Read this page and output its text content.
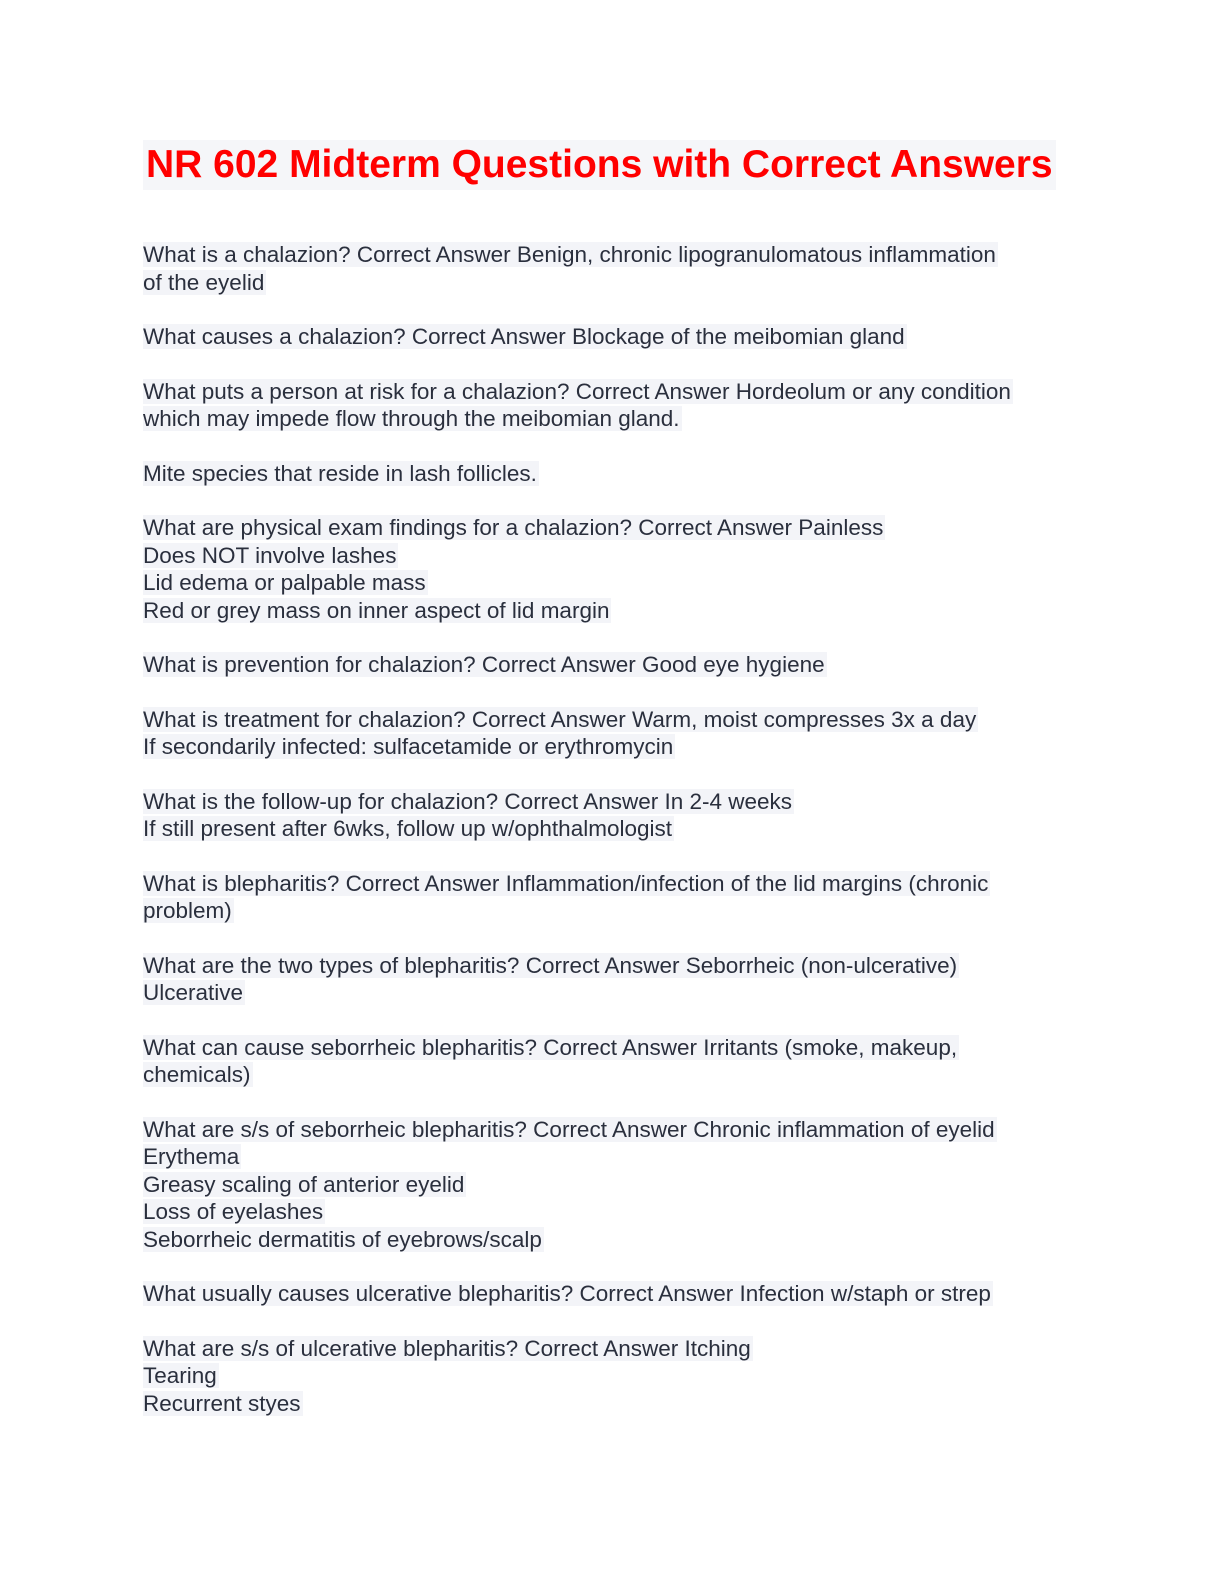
NR 602 Midterm Questions with Correct Answers
What is a chalazion? Correct Answer Benign, chronic lipogranulomatous inflammation
of the eyelid
What causes a chalazion? Correct Answer Blockage of the meibomian gland
What puts a person at risk for a chalazion? Correct Answer Hordeolum or any condition
which may impede flow through the meibomian gland.
Mite species that reside in lash follicles.
What are physical exam findings for a chalazion? Correct Answer Painless
Does NOT involve lashes
Lid edema or palpable mass
Red or grey mass on inner aspect of lid margin
What is prevention for chalazion? Correct Answer Good eye hygiene
What is treatment for chalazion? Correct Answer Warm, moist compresses 3x a day
If secondarily infected: sulfacetamide or erythromycin
What is the follow-up for chalazion? Correct Answer In 2-4 weeks
If still present after 6wks, follow up w/ophthalmologist
What is blepharitis? Correct Answer Inflammation/infection of the lid margins (chronic
problem)
What are the two types of blepharitis? Correct Answer Seborrheic (non-ulcerative)
Ulcerative
What can cause seborrheic blepharitis? Correct Answer Irritants (smoke, makeup,
chemicals)
What are s/s of seborrheic blepharitis? Correct Answer Chronic inflammation of eyelid
Erythema
Greasy scaling of anterior eyelid
Loss of eyelashes
Seborrheic dermatitis of eyebrows/scalp
What usually causes ulcerative blepharitis? Correct Answer Infection w/staph or strep
What are s/s of ulcerative blepharitis? Correct Answer Itching
Tearing
Recurrent styes
